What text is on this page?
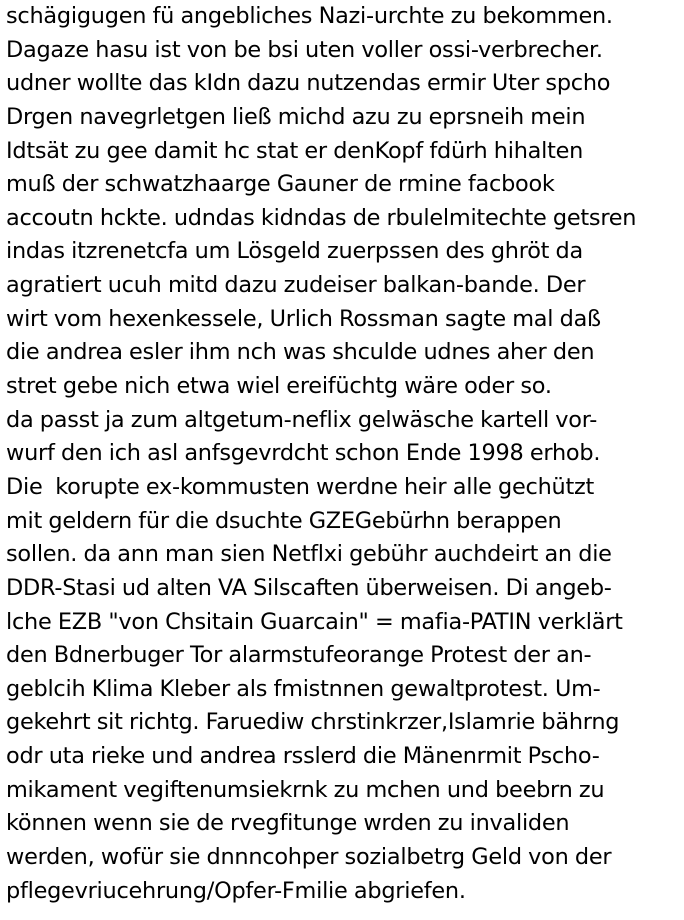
schägigugen fü angebliches Nazi-urchte zu bekommen.
Dagaze hasu ist von be bsi uten voller ossi-verbrecher.
udner wollte das kIdn dazu nutzendas ermir Uter spcho
Drgen navegrletgen ließ michd azu zu eprsneih mein
Idtsät zu gee damit hc stat er denKopf fdürh hihalten
muß der schwatzhaarge Gauner de rmine facbook
accoutn hckte. udndas kidndas de rbulelmitechte getsren
indas itzrenetcfa um Lösgeld zuerpssen des ghröt da
agratiert ucuh mitd dazu zudeiser balkan-bande. Der
wirt vom hexenkessele, Urlich Rossman sagte mal daß
die andrea esler ihm nch was shculde udnes aher den
stret gebe nich etwa wiel ereifüchtg wäre oder so.
da passt ja zum altgetum-neflix gelwäsche kartell vor-
wurf den ich asl anfsgevrdcht schon Ende 1998 erhob.
Die  korupte ex-kommusten werdne heir alle gechützt
mit geldern für die dsuchte GZEGebürhn berappen
sollen. da ann man sien Netflxi gebühr auchdeirt an die
DDR-Stasi ud alten VA Silscaften überweisen. Di angeb-
lche EZB "von Chsitain Guarcain" = mafia-PATIN verklärt
den Bdnerbuger Tor alarmstufeorange Protest der an-
geblcih Klima Kleber als fmistnnen gewaltprotest. Um-
gekehrt sit richtg. Faruediw chrstinkrzer,Islamrie bährng
odr uta rieke und andrea rsslerd die Mänenrmit Pscho-
mikament vegiftenumsiekrnk zu mchen und beebrn zu
können wenn sie de rvegfitunge wrden zu invaliden
werden, wofür sie dnnncohper sozialbetrg Geld von der
pflegevriucehrung/Opfer-Fmilie abgriefen.
